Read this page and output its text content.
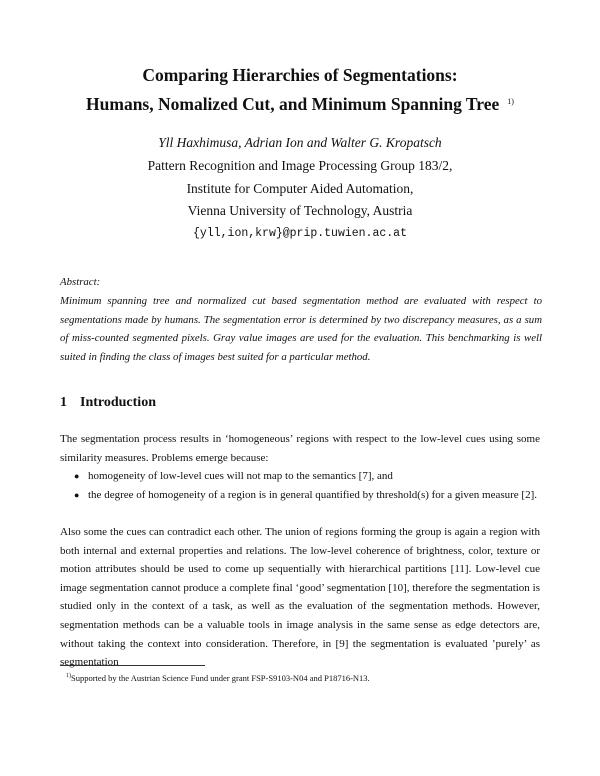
Comparing Hierarchies of Segmentations:
Humans, Nomalized Cut, and Minimum Spanning Tree $^{1)}$
Yll Haxhimusa, Adrian Ion and Walter G. Kropatsch
Pattern Recognition and Image Processing Group 183/2,
Institute for Computer Aided Automation,
Vienna University of Technology, Austria
{yll,ion,krw}@prip.tuwien.ac.at
Abstract:
Minimum spanning tree and normalized cut based segmentation method are evaluated with respect to segmentations made by humans. The segmentation error is determined by two discrepancy measures, as a sum of miss-counted segmented pixels. Gray value images are used for the evaluation. This benchmarking is well suited in finding the class of images best suited for a particular method.
1 Introduction
The segmentation process results in ‘homogeneous’ regions with respect to the low-level cues using some similarity measures. Problems emerge because:
● homogeneity of low-level cues will not map to the semantics [7], and
● the degree of homogeneity of a region is in general quantified by threshold(s) for a given measure [2].
Also some the cues can contradict each other. The union of regions forming the group is again a region with both internal and external properties and relations. The low-level coherence of brightness, color, texture or motion attributes should be used to come up sequentially with hierarchical partitions [11]. Low-level cue image segmentation cannot produce a complete final ‘good’ segmentation [10], therefore the segmentation is studied only in the context of a task, as well as the evaluation of the segmentation methods. However, segmentation methods can be a valuable tools in image analysis in the same sense as edge detectors are, without taking the context into consideration. Therefore, in [9] the segmentation is evaluated ’purely’ as segmentation
$^{1)}$Supported by the Austrian Science Fund under grant FSP-S9103-N04 and P18716-N13.
